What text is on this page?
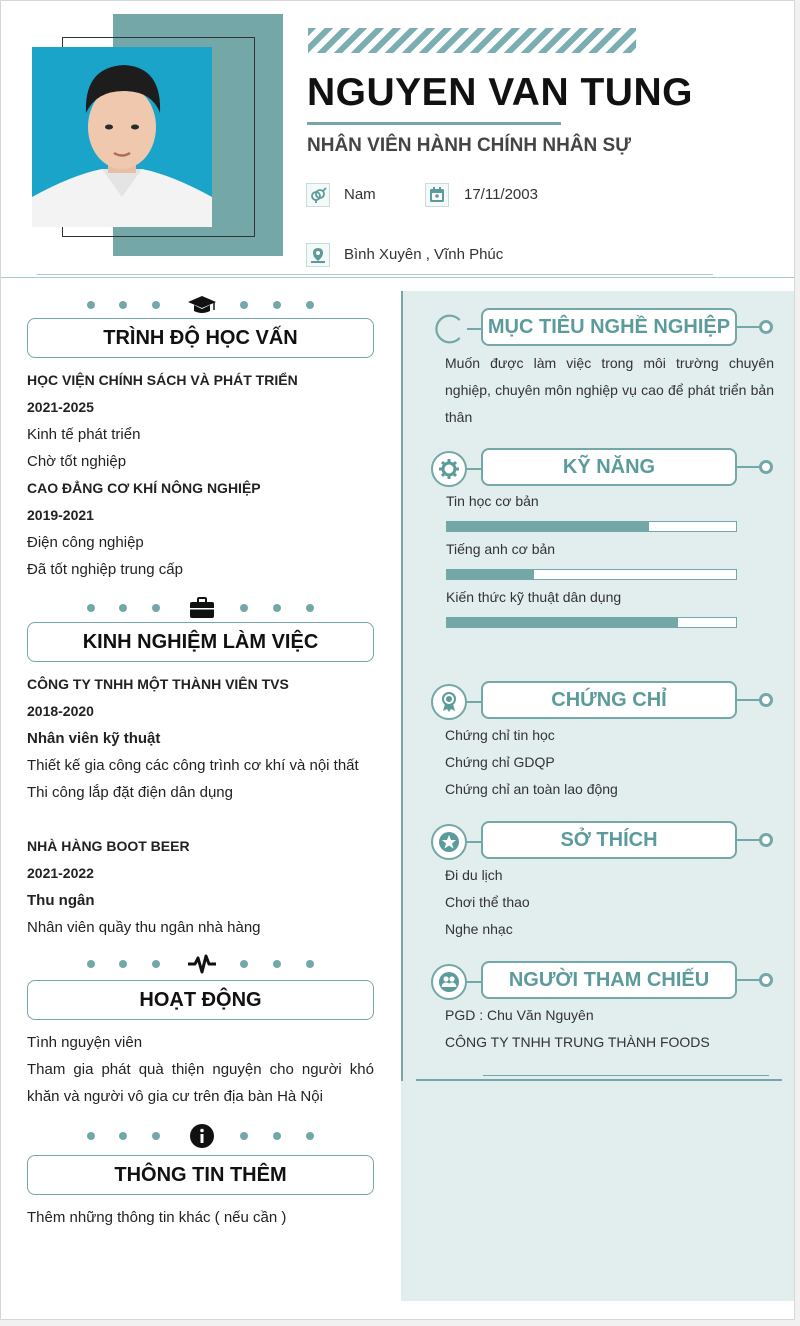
NGUYEN VAN TUNG
NHÂN VIÊN HÀNH CHÍNH NHÂN SỰ
Nam	17/11/2003
Bình Xuyên , Vĩnh Phúc
MỤC TIÊU NGHỀ NGHIỆP
Muốn được làm việc trong môi trường chuyên nghiệp, chuyên môn nghiệp vụ cao để phát triển bản thân
KỸ NĂNG
Tin học cơ bản
Tiếng anh cơ bản
Kiến thức kỹ thuật dân dụng
CHỨNG CHỈ
Chứng chỉ tin học
Chứng chỉ GDQP
Chứng chỉ an toàn lao động
SỞ THÍCH
Đi du lịch
Chơi thể thao
Nghe nhạc
NGƯỜI THAM CHIẾU
PGD : Chu Văn Nguyên
CÔNG TY TNHH TRUNG THÀNH FOODS
TRÌNH ĐỘ HỌC VẤN
HỌC VIỆN CHÍNH SÁCH VÀ PHÁT TRIỂN
2021-2025
Kinh tế phát triển
Chờ tốt nghiệp
CAO ĐẲNG CƠ KHÍ NÔNG NGHIỆP
2019-2021
Điện công nghiệp
Đã tốt nghiệp trung cấp
KINH NGHIỆM LÀM VIỆC
CÔNG TY TNHH MỘT THÀNH VIÊN TVS
2018-2020
Nhân viên kỹ thuật
Thiết kế gia công các công trình cơ khí và nội thất
Thi công lắp đặt điện dân dụng
NHÀ HÀNG BOOT BEER
2021-2022
Thu ngân
Nhân viên quầy thu ngân nhà hàng
HOẠT ĐỘNG
Tình nguyện viên
Tham gia phát quà thiện nguyện cho người khó khăn và người vô gia cư trên địa bàn Hà Nội
THÔNG TIN THÊM
Thêm những thông tin khác ( nếu cần )
